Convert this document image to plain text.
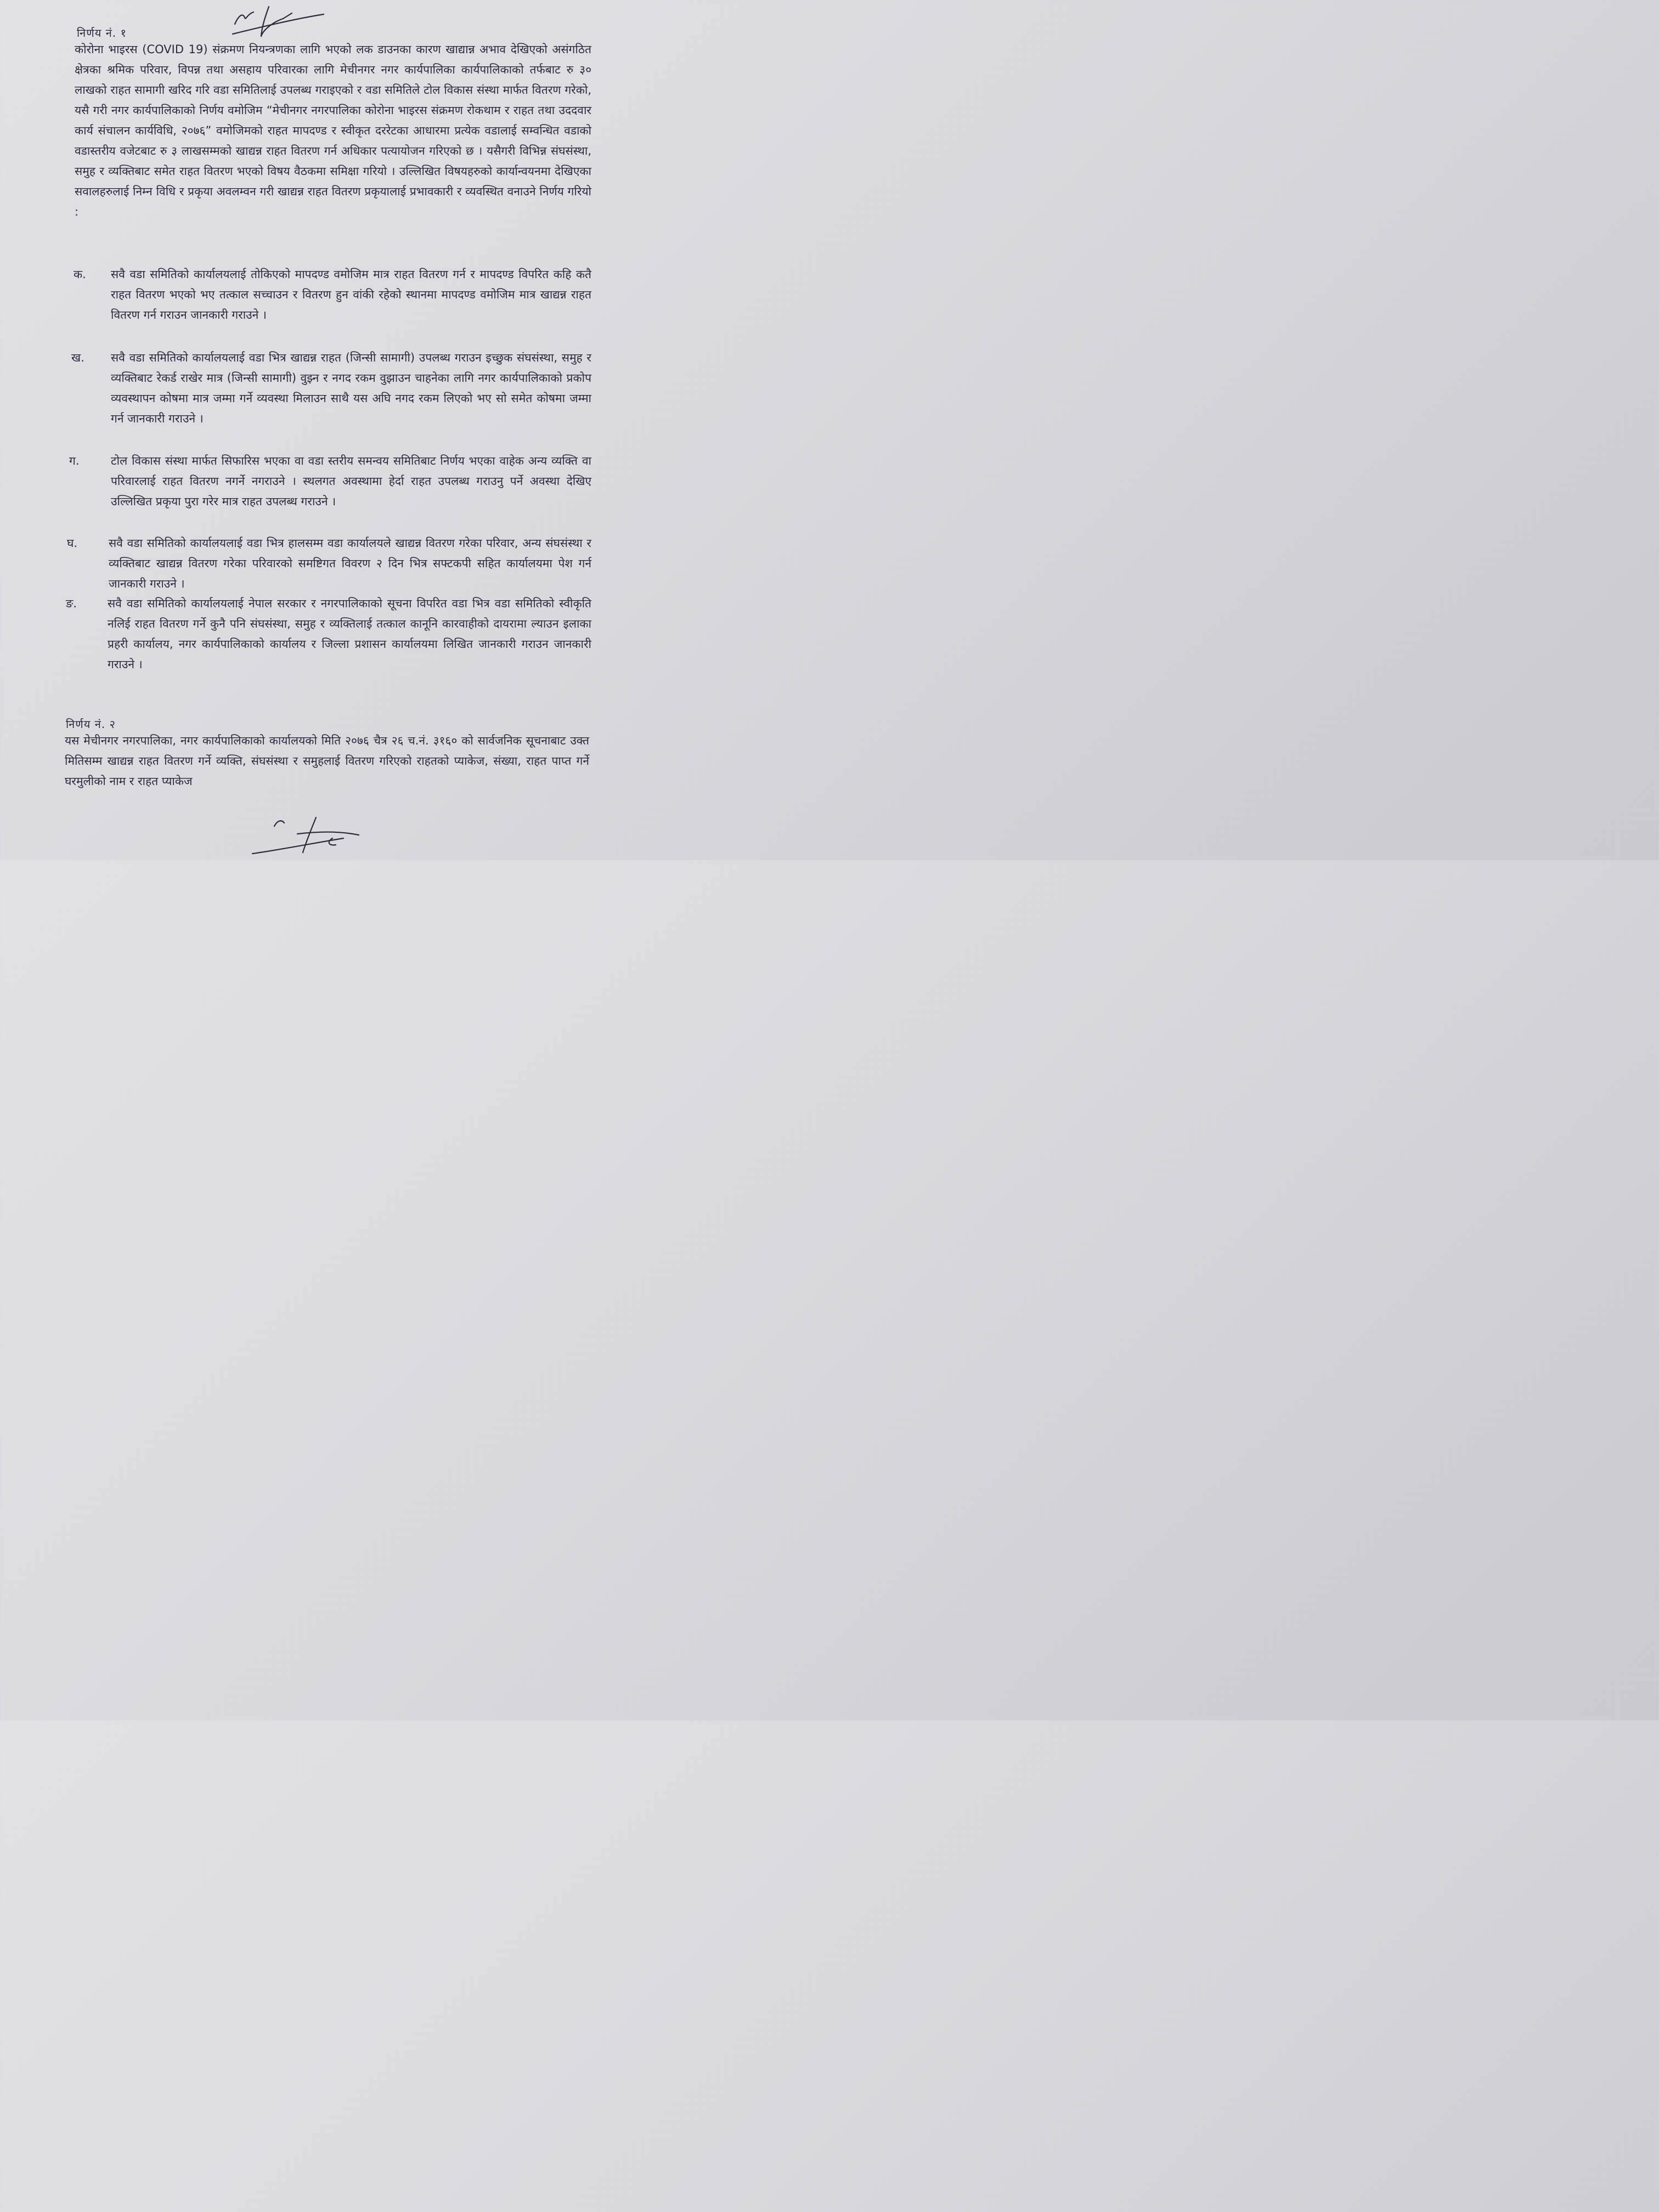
निर्णय नं. १
कोरोना भाइरस (COVID 19) संक्रमण नियन्त्रणका लागि भएको लक डाउनका कारण खाद्यान्न अभाव देखिएको असंगठित क्षेत्रका श्रमिक परिवार, विपन्न तथा असहाय परिवारका लागि मेचीनगर नगर कार्यपालिका कार्यपालिकाको तर्फबाट रु ३० लाखको राहत सामागी खरिद गरि वडा समितिलाई उपलब्ध गराइएको र वडा समितिले टोल विकास संस्था मार्फत वितरण गरेको, यसै गरी नगर कार्यपालिकाको निर्णय वमोजिम “मेचीनगर नगरपालिका कोरोना भाइरस संक्रमण रोकथाम र राहत तथा उददवार कार्य संचालन कार्यविधि, २०७६” वमोजिमको राहत मापदण्ड र स्वीकृत दररेटका आधारमा प्रत्येक वडालाई सम्वन्धित वडाको वडास्तरीय वजेटबाट रु ३ लाखसम्मको खाद्यन्न राहत वितरण गर्न अधिकार पत्यायोजन गरिएको छ । यसैगरी विभिन्न संघसंस्था, समुह र व्यक्तिबाट समेत राहत वितरण भएको विषय वैठकमा समिक्षा गरियो । उल्लिखित विषयहरुको कार्यान्वयनमा देखिएका सवालहरुलाई निम्न विधि र प्रकृया अवलम्वन गरी खाद्यन्न राहत वितरण प्रकृयालाई प्रभावकारी र व्यवस्थित वनाउने निर्णय गरियो :
क.	सवै वडा समितिको कार्यालयलाई तोकिएको मापदण्ड वमोजिम मात्र राहत वितरण गर्न र मापदण्ड विपरित कहि कतै राहत वितरण भएको भए तत्काल सच्चाउन र वितरण हुन वांकी रहेको स्थानमा मापदण्ड वमोजिम मात्र खाद्यन्न राहत वितरण गर्न गराउन जानकारी गराउने ।
ख.	सवै वडा समितिको कार्यालयलाई वडा भित्र खाद्यन्न राहत (जिन्सी सामागी) उपलब्ध गराउन इच्छुक संघसंस्था, समुह र व्यक्तिबाट रेकर्ड राखेर मात्र (जिन्सी सामागी) वुझ्न र नगद रकम वुझाउन चाहनेका लागि नगर कार्यपालिकाको प्रकोप व्यवस्थापन कोषमा मात्र जम्मा गर्ने व्यवस्था मिलाउन साथै यस अघि नगद रकम लिएको भए सो समेत कोषमा जम्मा गर्न जानकारी गराउने ।
ग.	टोल विकास संस्था मार्फत सिफारिस भएका वा वडा स्तरीय समन्वय समितिबाट निर्णय भएका वाहेक अन्य व्यक्ति वा परिवारलाई राहत वितरण नगर्ने नगराउने । स्थलगत अवस्थामा हेर्दा राहत उपलब्ध गराउनु पर्ने अवस्था देखिए उल्लिखित प्रकृया पुरा गरेर मात्र राहत उपलब्ध गराउने ।
घ.	सवै वडा समितिको कार्यालयलाई वडा भित्र हालसम्म वडा कार्यालयले खाद्यन्न वितरण गरेका परिवार, अन्य संघसंस्था र व्यक्तिबाट खाद्यन्न वितरण गरेका परिवारको समष्टिगत विवरण २ दिन भित्र सफ्टकपी सहित कार्यालयमा पेश गर्न जानकारी गराउने ।
ङ.	सवै वडा समितिको कार्यालयलाई नेपाल सरकार र नगरपालिकाको सूचना विपरित वडा भित्र वडा समितिको स्वीकृति नलिई राहत वितरण गर्ने कुनै पनि संघसंस्था, समुह र व्यक्तिलाई तत्काल कानूनि कारवाहीको दायरामा ल्याउन इलाका प्रहरी कार्यालय, नगर कार्यपालिकाको कार्यालय र जिल्ला प्रशासन कार्यालयमा लिखित जानकारी गराउन जानकारी गराउने ।
निर्णय नं. २
यस मेचीनगर नगरपालिका, नगर कार्यपालिकाको कार्यालयको मिति २०७६ चैत्र २६ च.नं. ३१६० को सार्वजनिक सूचनाबाट उक्त मितिसम्म खाद्यन्न राहत वितरण गर्ने व्यक्ति, संघसंस्था र समुहलाई वितरण गरिएको राहतको प्याकेज, संख्या, राहत पाप्त गर्ने घरमुलीको नाम र राहत प्याकेज
